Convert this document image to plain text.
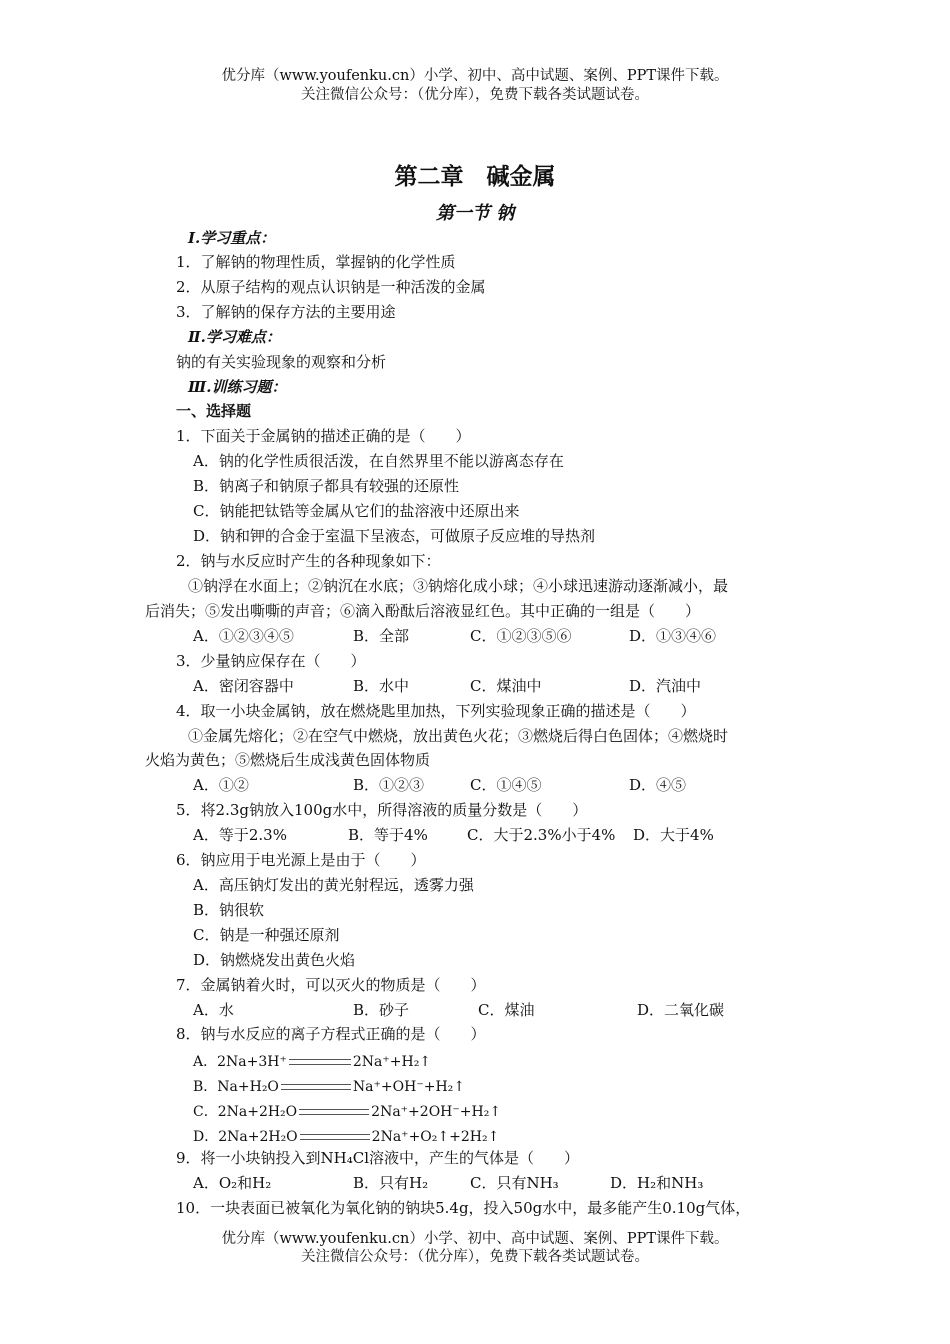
优分库（www.youfenku.cn）小学、初中、高中试题、案例、PPT课件下载。
关注微信公众号：（优分库），免费下载各类试题试卷。
第二章　碱金属
第一节 钠
Ⅰ.学习重点：
1．了解钠的物理性质，掌握钠的化学性质
2．从原子结构的观点认识钠是一种活泼的金属
3．了解钠的保存方法的主要用途
Ⅱ.学习难点：
钠的有关实验现象的观察和分析
Ⅲ.训练习题：
一、选择题
1．下面关于金属钠的描述正确的是（　　）
A．钠的化学性质很活泼，在自然界里不能以游离态存在
B．钠离子和钠原子都具有较强的还原性
C．钠能把钛锆等金属从它们的盐溶液中还原出来
D．钠和钾的合金于室温下呈液态，可做原子反应堆的导热剂
2．钠与水反应时产生的各种现象如下：
①钠浮在水面上；②钠沉在水底；③钠熔化成小球；④小球迅速游动逐渐减小，最
后消失；⑤发出嘶嘶的声音；⑥滴入酚酞后溶液显红色。其中正确的一组是（　　）
A．①②③④⑤	B．全部	C．①②③⑤⑥	D．①③④⑥
3．少量钠应保存在（　　）
A．密闭容器中	B．水中	C．煤油中	D．汽油中
4．取一小块金属钠，放在燃烧匙里加热，下列实验现象正确的描述是（　　）
①金属先熔化；②在空气中燃烧，放出黄色火花；③燃烧后得白色固体；④燃烧时
火焰为黄色；⑤燃烧后生成浅黄色固体物质
A．①②	B．①②③	C．①④⑤	D．④⑤
5．将2.3g钠放入100g水中，所得溶液的质量分数是（　　）
A．等于2.3%	B．等于4%	C．大于2.3%小于4% D．大于4%
6．钠应用于电光源上是由于（　　）
A．高压钠灯发出的黄光射程远，透雾力强
B．钠很软
C．钠是一种强还原剂
D．钠燃烧发出黄色火焰
7．金属钠着火时，可以灭火的物质是（　　）
A．水	B．砂子	C．煤油	D．二氧化碳
8．钠与水反应的离子方程式正确的是（　　）
A．2Na+3H⁺	2Na⁺+H₂↑
B．Na+H₂O	Na⁺+OH⁻+H₂↑
C．2Na+2H₂O	2Na⁺+2OH⁻+H₂↑
D．2Na+2H₂O	2Na⁺+O₂↑+2H₂↑
9．将一小块钠投入到NH₄Cl溶液中，产生的气体是（　　）
A．O₂和H₂	B．只有H₂	C．只有NH₃	D．H₂和NH₃
10．一块表面已被氧化为氧化钠的钠块5.4g，投入50g水中，最多能产生0.10g气体，
优分库（www.youfenku.cn）小学、初中、高中试题、案例、PPT课件下载。
关注微信公众号：（优分库），免费下载各类试题试卷。
